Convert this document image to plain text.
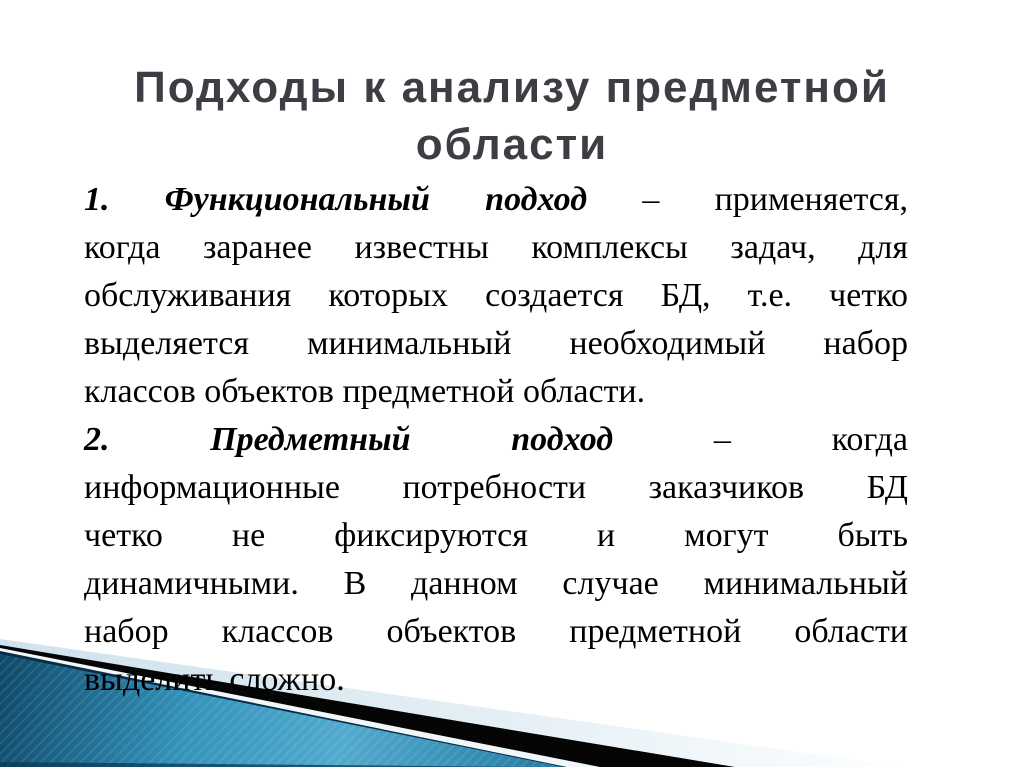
Подходы к анализу предметной
области
1. Функциональный подход – применяется,
когда заранее известны комплексы задач, для
обслуживания которых создается БД, т.е. четко
выделяется минимальный необходимый набор
классов объектов предметной области.
2. Предметный подход	– когда
информационные потребности заказчиков БД
четко не фиксируются и могут быть
динамичными. В данном случае минимальный
набор классов объектов предметной области
выделить сложно.
